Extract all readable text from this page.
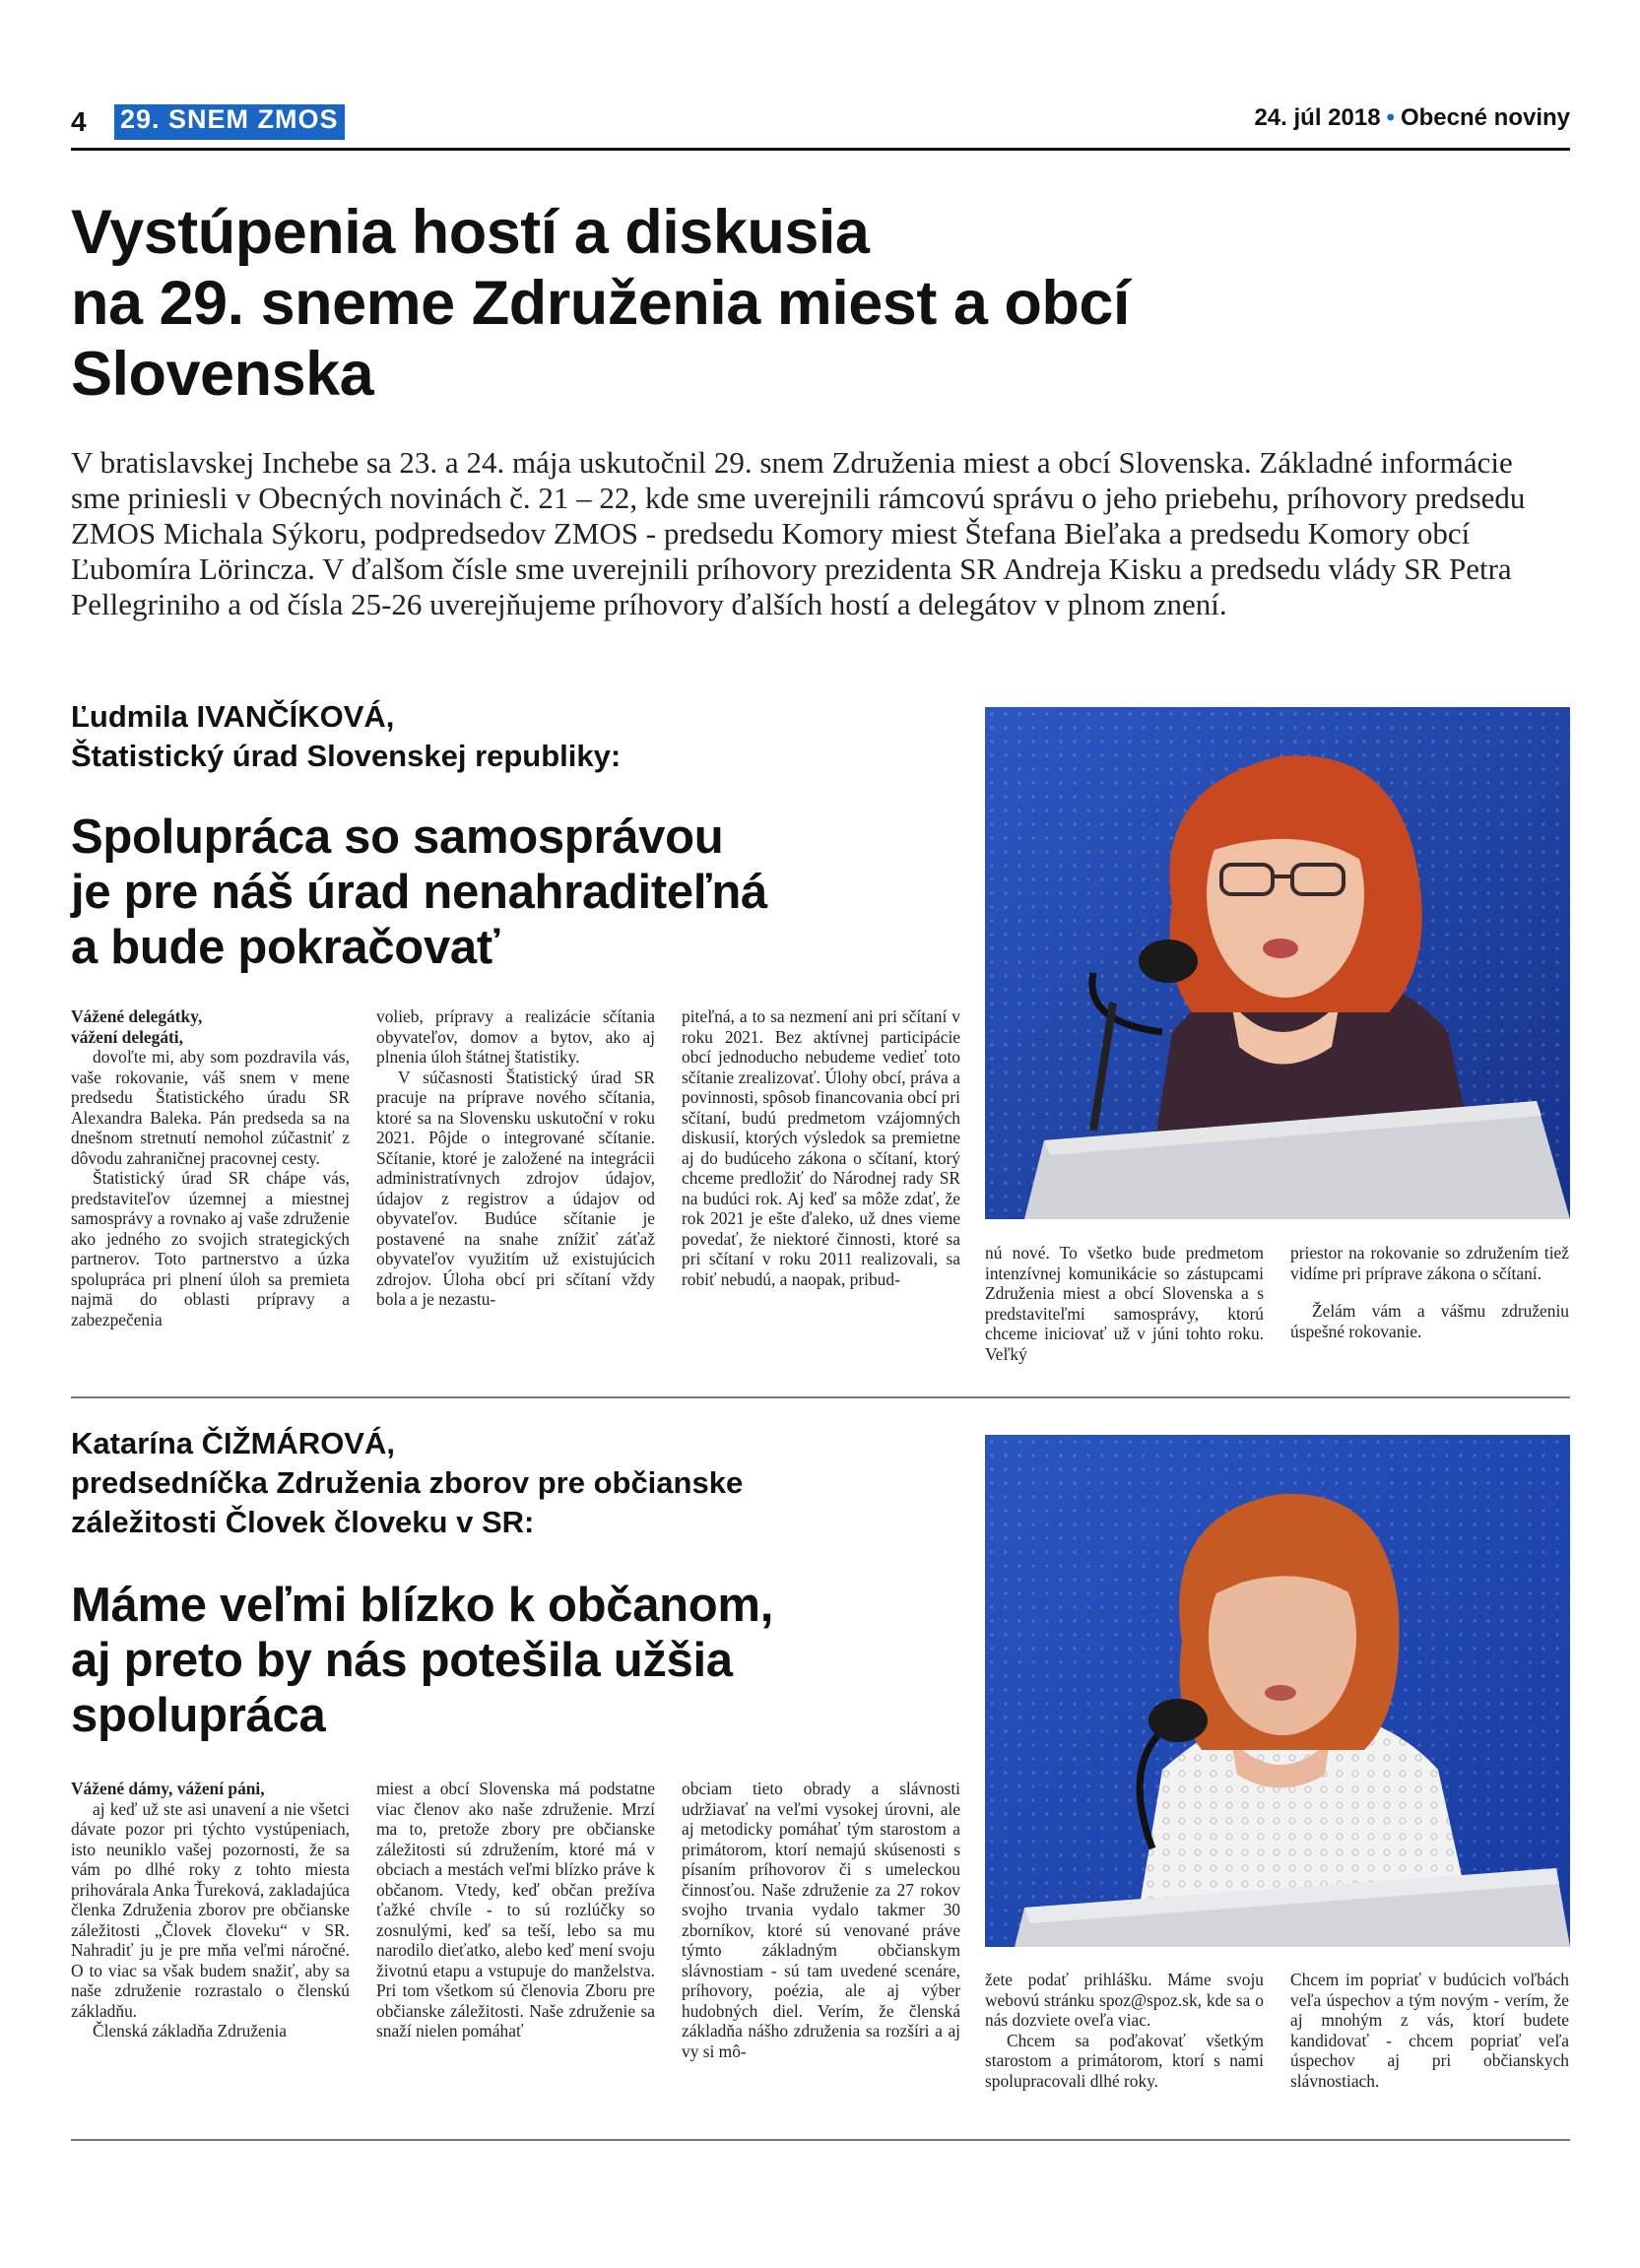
4 29. SNEM ZMOS	24. júl 2018 • Obecné noviny
Vystúpenia hostí a diskusia
na 29. sneme Združenia miest a obcí
Slovenska

V bratislavskej Inchebe sa 23. a 24. mája uskutočnil 29. snem Združenia miest a obcí Slovenska. Základné informácie sme priniesli v Obecných novinách č. 21 – 22, kde sme uverejnili rámcovú správu o jeho priebehu, príhovory predsedu ZMOS Michala Sýkoru, podpredsedov ZMOS - predsedu Komory miest Štefana Bieľaka a predsedu Komory obcí Ľubomíra Lörincza. V ďalšom čísle sme uverejnili príhovory prezidenta SR Andreja Kisku a predsedu vlády SR Petra Pellegriniho a od čísla 25-26 uverejňujeme príhovory ďalších hostí a delegátov v plnom znení.

Ľudmila IVANČÍKOVÁ,
Štatistický úrad Slovenskej republiky:
Spolupráca so samosprávou
je pre náš úrad nenahraditeľná
a bude pokračovať

Vážené delegátky,

vážení delegáti,

dovoľte mi, aby som pozdravila vás, vaše rokovanie, váš snem v mene predsedu Štatistického úradu SR Alexandra Baleka. Pán predseda sa na dnešnom stretnutí nemohol zúčastniť z dôvodu zahraničnej pracovnej cesty.

Štatistický úrad SR chápe vás, predstaviteľov územnej a miestnej samosprávy a rovnako aj vaše združenie ako jedného zo svojich strategických partnerov. Toto partnerstvo a úzka spolupráca pri plnení úloh sa premieta najmä do oblasti prípravy a zabezpečenia

volieb, prípravy a realizácie sčítania obyvateľov, domov a bytov, ako aj plnenia úloh štátnej štatistiky.

V súčasnosti Štatistický úrad SR pracuje na príprave nového sčítania, ktoré sa na Slovensku uskutoční v roku 2021. Pôjde o integrované sčítanie. Sčítanie, ktoré je založené na integrácii administratívnych zdrojov údajov, údajov z registrov a údajov od obyvateľov. Budúce sčítanie je postavené na snahe znížiť záťaž obyvateľov využitím už existujúcich zdrojov. Úloha obcí pri sčítaní vždy bola a je nezastu-

piteľná, a to sa nezmení ani pri sčítaní v roku 2021. Bez aktívnej participácie obcí jednoducho nebudeme vedieť toto sčítanie zrealizovať. Úlohy obcí, práva a povinnosti, spôsob financovania obcí pri sčítaní, budú predmetom vzájomných diskusií, ktorých výsledok sa premietne aj do budúceho zákona o sčítaní, ktorý chceme predložiť do Národnej rady SR na budúci rok. Aj keď sa môže zdať, že rok 2021 je ešte ďaleko, už dnes vieme povedať, že niektoré činnosti, ktoré sa pri sčítaní v roku 2011 realizovali, sa robiť nebudú, a naopak, pribud-

nú nové. To všetko bude predmetom intenzívnej komunikácie so zástupcami Združenia miest a obcí Slovenska a s predstaviteľmi samosprávy, ktorú chceme iniciovať už v júni tohto roku. Veľký

priestor na rokovanie so združením tiež vidíme pri príprave zákona o sčítaní.

Želám vám a vášmu združeniu úspešné rokovanie.

Katarína ČIŽMÁROVÁ,
predsedníčka Združenia zborov pre občianske
záležitosti Človek človeku v SR:
Máme veľmi blízko k občanom,
aj preto by nás potešila užšia
spolupráca

Vážené dámy, vážení páni,

aj keď už ste asi unavení a nie všetci dávate pozor pri týchto vystúpeniach, isto neuniklo vašej pozornosti, že sa vám po dlhé roky z tohto miesta prihovárala Anka Ťureková, zakladajúca členka Združenia zborov pre občianske záležitosti „Človek človeku“ v SR. Nahradiť ju je pre mňa veľmi náročné. O to viac sa však budem snažiť, aby sa naše združenie rozrastalo o členskú základňu.

Členská základňa Združenia

miest a obcí Slovenska má podstatne viac členov ako naše združenie. Mrzí ma to, pretože zbory pre občianske záležitosti sú združením, ktoré má v obciach a mestách veľmi blízko práve k občanom. Vtedy, keď občan prežíva ťažké chvíle - to sú rozlúčky so zosnulými, keď sa teší, lebo sa mu narodilo dieťatko, alebo keď mení svoju životnú etapu a vstupuje do manželstva. Pri tom všetkom sú členovia Zboru pre občianske záležitosti. Naše združenie sa snaží nielen pomáhať

obciam tieto obrady a slávnosti udržiavať na veľmi vysokej úrovni, ale aj metodicky pomáhať tým starostom a primátorom, ktorí nemajú skúsenosti s písaním príhovorov či s umeleckou činnosťou. Naše združenie za 27 rokov svojho trvania vydalo takmer 30 zborníkov, ktoré sú venované práve týmto základným občianskym slávnostiam - sú tam uvedené scenáre, príhovory, poézia, ale aj výber hudobných diel. Verím, že členská základňa nášho združenia sa rozšíri a aj vy si mô-

žete podať prihlášku. Máme svoju webovú stránku spoz@spoz.sk, kde sa o nás dozviete oveľa viac.

Chcem sa poďakovať všetkým starostom a primátorom, ktorí s nami spolupracovali dlhé roky.

Chcem im popriať v budúcich voľbách veľa úspechov a tým novým - verím, že aj mnohým z vás, ktorí budete kandidovať - chcem popriať veľa úspechov aj pri občianskych slávnostiach.
